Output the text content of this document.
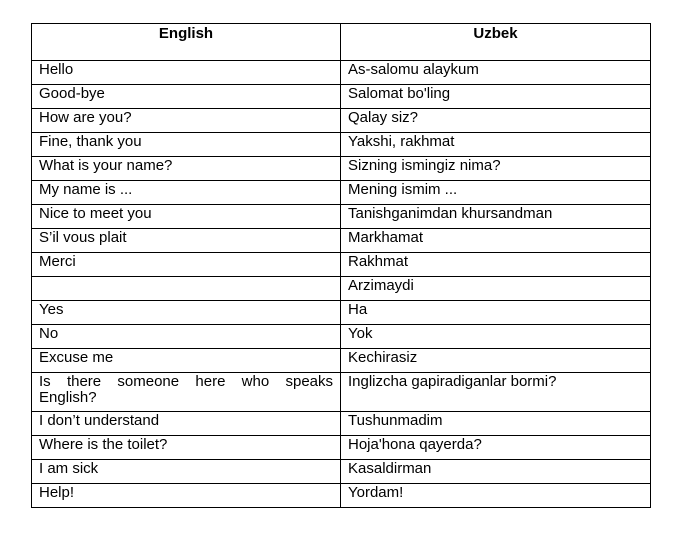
English	Uzbek
Hello	As-salomu alaykum
Good-bye	Salomat bo'ling
How are you?	Qalay siz?
Fine, thank you	Yakshi, rakhmat
What is your name?	Sizning ismingiz nima?
My name is ...	Mening ismim ...
Nice to meet you	Tanishganimdan khursandman
S’il vous plait	Markhamat
Merci	Rakhmat
	Arzimaydi
Yes	Ha
No	Yok
Excuse me	Kechirasiz
Is there someone here who speaks English?	Inglizcha gapiradiganlar bormi?
I don’t understand	Tushunmadim
Where is the toilet?	Hoja'hona qayerda?
I am sick	Kasaldirman
Help!	Yordam!
